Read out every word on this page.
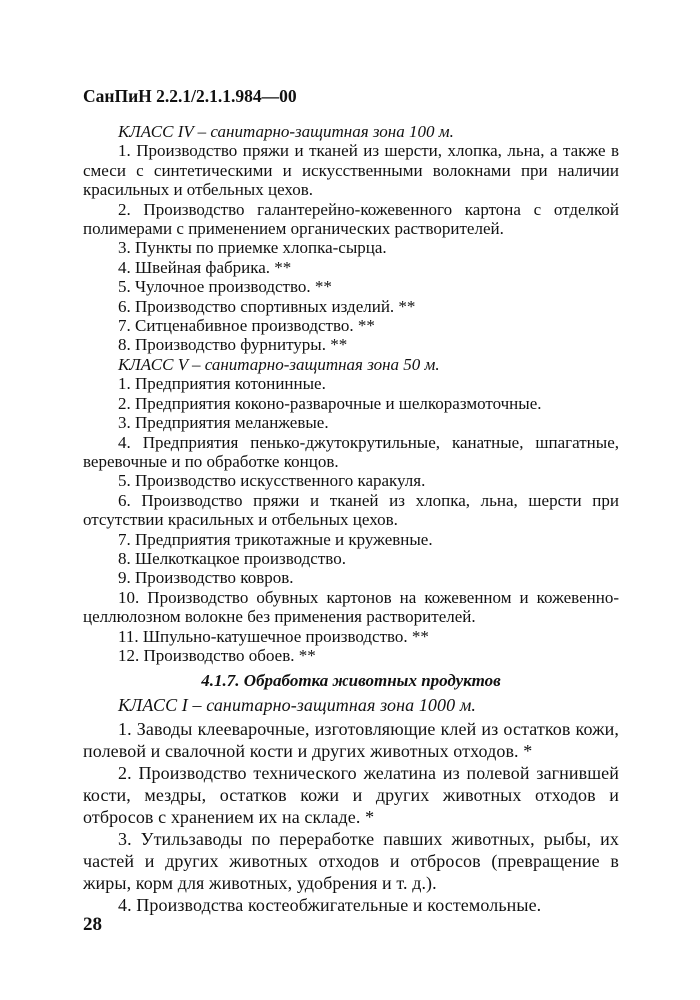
СанПиН 2.2.1/2.1.1.984—00

КЛАСС IV – санитарно-защитная зона 100 м.

1. Производство пряжи и тканей из шерсти, хлопка, льна, а также в смеси с синтетическими и искусственными волокнами при наличии красильных и отбельных цехов.

2. Производство галантерейно-кожевенного картона с отделкой полимерами с применением органических растворителей.

3. Пункты по приемке хлопка-сырца.

4. Швейная фабрика. **

5. Чулочное производство. **

6. Производство спортивных изделий. **

7. Ситценабивное производство. **

8. Производство фурнитуры. **

КЛАСС V – санитарно-защитная зона 50 м.

1. Предприятия котонинные.

2. Предприятия коконо-разварочные и шелкоразмоточные.

3. Предприятия меланжевые.

4. Предприятия пенько-джутокрутильные, канатные, шпагатные, веревочные и по обработке концов.

5. Производство искусственного каракуля.

6. Производство пряжи и тканей из хлопка, льна, шерсти при отсутствии красильных и отбельных цехов.

7. Предприятия трикотажные и кружевные.

8. Шелкоткацкое производство.

9. Производство ковров.

10. Производство обувных картонов на кожевенном и кожевенно-целлюлозном волокне без применения растворителей.

11. Шпульно-катушечное производство. **

12. Производство обоев. **

4.1.7. Обработка животных продуктов

КЛАСС I – санитарно-защитная зона 1000 м.

1. Заводы клееварочные, изготовляющие клей из остатков кожи, полевой и свалочной кости и других животных отходов. *

2. Производство технического желатина из полевой загнившей кости, мездры, остатков кожи и других животных отходов и отбросов с хранением их на складе. *

3. Утильзаводы по переработке павших животных, рыбы, их частей и других животных отходов и отбросов (превращение в жиры, корм для животных, удобрения и т. д.).

4. Производства костеобжигательные и костемольные.

28
